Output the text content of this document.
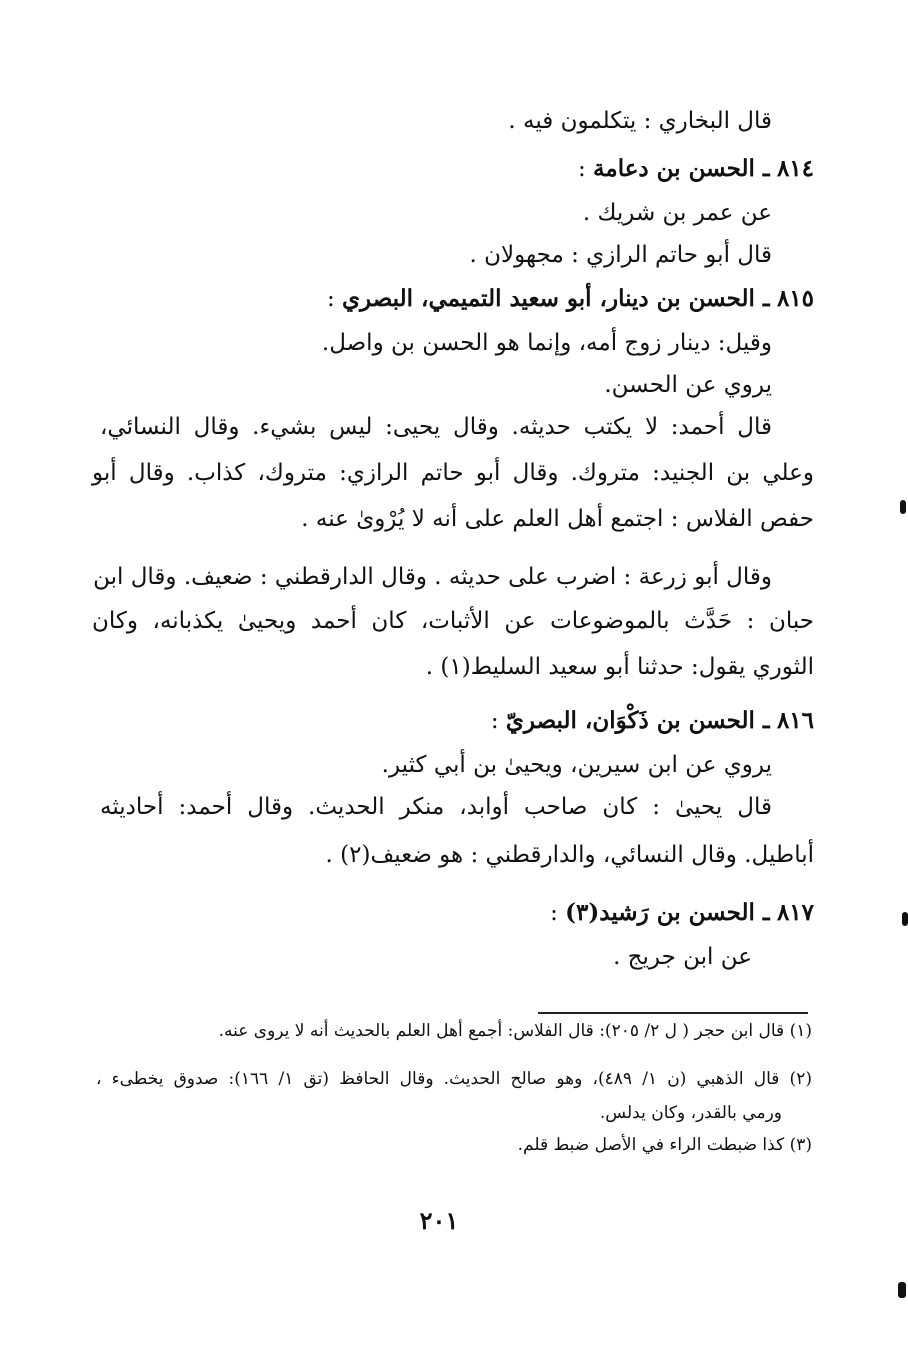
قال البخاري : يتكلمون فيه .
٨١٤ ـ الحسن بن دعامة :
عن عمر بن شريك .
قال أبو حاتم الرازي : مجهولان .
٨١٥ ـ الحسن بن دينار، أبو سعيد التميمي، البصري :
وقيل: دينار زوج أمه، وإنما هو الحسن بن واصل.
يروي عن الحسن.
قال أحمد: لا يكتب حديثه. وقال يحيى: ليس بشيء. وقال النسائي،
وعلي بن الجنيد: متروك. وقال أبو حاتم الرازي: متروك، كذاب. وقال أبو
حفص الفلاس : اجتمع أهل العلم على أنه لا يُرْوىٰ عنه .
وقال أبو زرعة : اضرب على حديثه . وقال الدارقطني : ضعيف. وقال ابن
حبان : حَدَّث بالموضوعات عن الأثبات، كان أحمد ويحيىٰ يكذبانه، وكان
الثوري يقول: حدثنا أبو سعيد السليط(١) .
٨١٦ ـ الحسن بن ذَكْوَان، البصريّ :
يروي عن ابن سيرين، ويحيىٰ بن أبي كثير.
قال يحيىٰ : كان صاحب أوابد، منكر الحديث. وقال أحمد: أحاديثه
أباطيل. وقال النسائي، والدارقطني : هو ضعيف(٢) .
٨١٧ ـ الحسن بن رَشيد(٣) :
عن ابن جريج .
(١) قال ابن حجر ( ل ٢/ ٢٠٥): قال الفلاس: أجمع أهل العلم بالحديث أنه لا يروى عنه.
(٢) قال الذهبي (ن ١/ ٤٨٩)، وهو صالح الحديث. وقال الحافظ (تق ١/ ١٦٦): صدوق يخطىء ،
ورمي بالقدر، وكان يدلس.
(٣) كذا ضبطت الراء في الأصل ضبط قلم.
٢٠١
